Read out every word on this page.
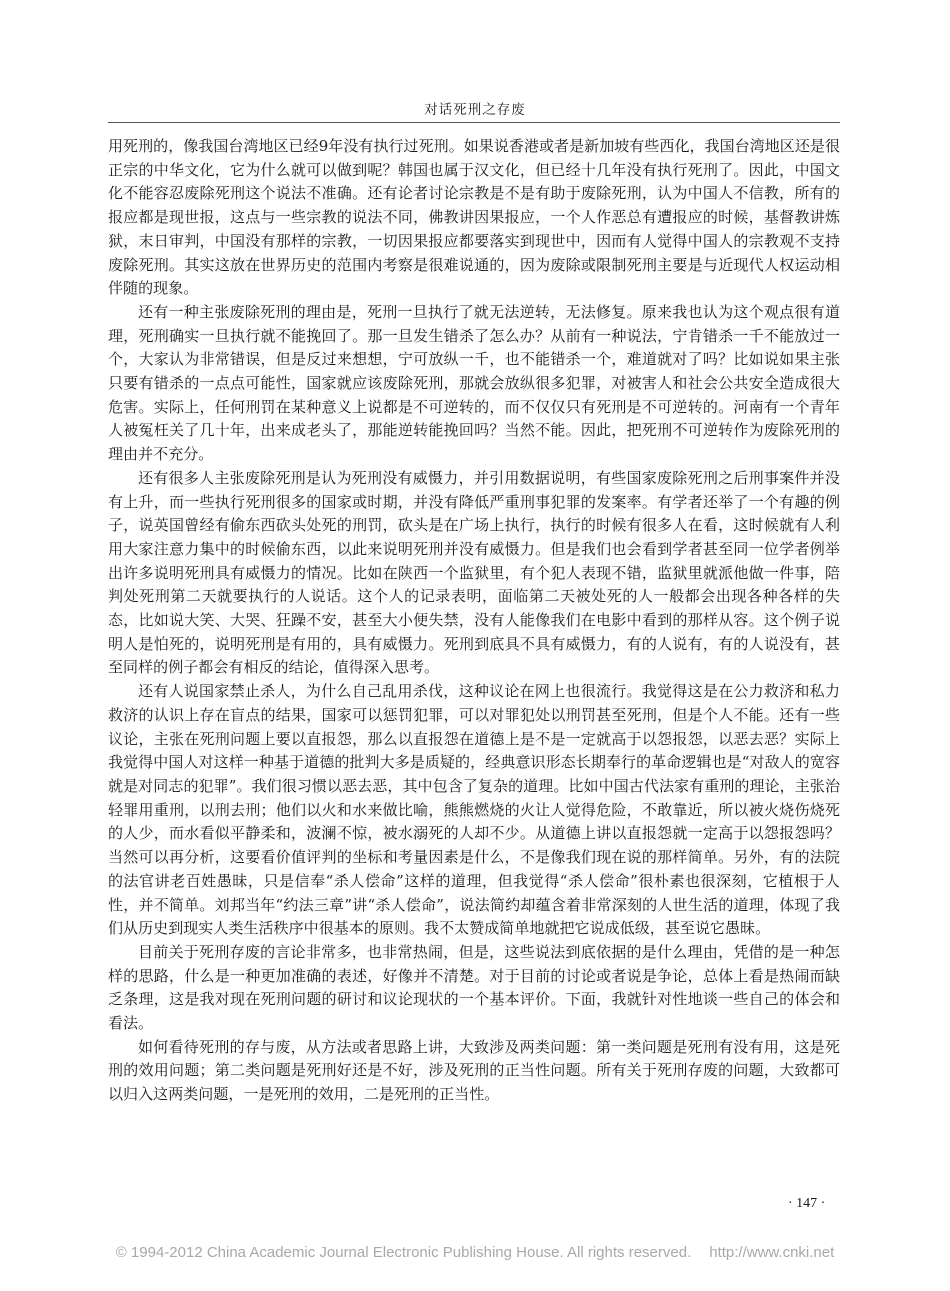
对话死刑之存废

用死刑的，像我国台湾地区已经9年没有执行过死刑。如果说香港或者是新加坡有些西化，我国台湾地区还是很正宗的中华文化，它为什么就可以做到呢？韩国也属于汉文化，但已经十几年没有执行死刑了。因此，中国文化不能容忍废除死刑这个说法不准确。还有论者讨论宗教是不是有助于废除死刑，认为中国人不信教，所有的报应都是现世报，这点与一些宗教的说法不同，佛教讲因果报应，一个人作恶总有遭报应的时候，基督教讲炼狱，末日审判，中国没有那样的宗教，一切因果报应都要落实到现世中，因而有人觉得中国人的宗教观不支持废除死刑。其实这放在世界历史的范围内考察是很难说通的，因为废除或限制死刑主要是与近现代人权运动相伴随的现象。

还有一种主张废除死刑的理由是，死刑一旦执行了就无法逆转，无法修复。原来我也认为这个观点很有道理，死刑确实一旦执行就不能挽回了。那一旦发生错杀了怎么办？从前有一种说法，宁肯错杀一千不能放过一个，大家认为非常错误，但是反过来想想，宁可放纵一千，也不能错杀一个，难道就对了吗？比如说如果主张只要有错杀的一点点可能性，国家就应该废除死刑，那就会放纵很多犯罪，对被害人和社会公共安全造成很大危害。实际上，任何刑罚在某种意义上说都是不可逆转的，而不仅仅只有死刑是不可逆转的。河南有一个青年人被冤枉关了几十年，出来成老头了，那能逆转能挽回吗？当然不能。因此，把死刑不可逆转作为废除死刑的理由并不充分。

还有很多人主张废除死刑是认为死刑没有威慑力，并引用数据说明，有些国家废除死刑之后刑事案件并没有上升，而一些执行死刑很多的国家或时期，并没有降低严重刑事犯罪的发案率。有学者还举了一个有趣的例子，说英国曾经有偷东西砍头处死的刑罚，砍头是在广场上执行，执行的时候有很多人在看，这时候就有人利用大家注意力集中的时候偷东西，以此来说明死刑并没有威慑力。但是我们也会看到学者甚至同一位学者例举出许多说明死刑具有威慑力的情况。比如在陕西一个监狱里，有个犯人表现不错，监狱里就派他做一件事，陪判处死刑第二天就要执行的人说话。这个人的记录表明，面临第二天被处死的人一般都会出现各种各样的失态，比如说大笑、大哭、狂躁不安，甚至大小便失禁，没有人能像我们在电影中看到的那样从容。这个例子说明人是怕死的，说明死刑是有用的，具有威慑力。死刑到底具不具有威慑力，有的人说有，有的人说没有，甚至同样的例子都会有相反的结论，值得深入思考。

还有人说国家禁止杀人，为什么自己乱用杀伐，这种议论在网上也很流行。我觉得这是在公力救济和私力救济的认识上存在盲点的结果，国家可以惩罚犯罪，可以对罪犯处以刑罚甚至死刑，但是个人不能。还有一些议论，主张在死刑问题上要以直报怨，那么以直报怨在道德上是不是一定就高于以怨报怨，以恶去恶？实际上我觉得中国人对这样一种基于道德的批判大多是质疑的，经典意识形态长期奉行的革命逻辑也是“对敌人的宽容就是对同志的犯罪”。我们很习惯以恶去恶，其中包含了复杂的道理。比如中国古代法家有重刑的理论，主张治轻罪用重刑，以刑去刑；他们以火和水来做比喻，熊熊燃烧的火让人觉得危险，不敢靠近，所以被火烧伤烧死的人少，而水看似平静柔和，波澜不惊，被水溺死的人却不少。从道德上讲以直报怨就一定高于以怨报怨吗？当然可以再分析，这要看价值评判的坐标和考量因素是什么，不是像我们现在说的那样简单。另外，有的法院的法官讲老百姓愚昧，只是信奉“杀人偿命”这样的道理，但我觉得“杀人偿命”很朴素也很深刻，它植根于人性，并不简单。刘邦当年“约法三章”讲“杀人偿命”，说法简约却蕴含着非常深刻的人世生活的道理，体现了我们从历史到现实人类生活秩序中很基本的原则。我不太赞成简单地就把它说成低级，甚至说它愚昧。

目前关于死刑存废的言论非常多，也非常热闹，但是，这些说法到底依据的是什么理由，凭借的是一种怎样的思路，什么是一种更加准确的表述，好像并不清楚。对于目前的讨论或者说是争论，总体上看是热闹而缺乏条理，这是我对现在死刑问题的研讨和议论现状的一个基本评价。下面，我就针对性地谈一些自己的体会和看法。

如何看待死刑的存与废，从方法或者思路上讲，大致涉及两类问题：第一类问题是死刑有没有用，这是死刑的效用问题；第二类问题是死刑好还是不好，涉及死刑的正当性问题。所有关于死刑存废的问题，大致都可以归入这两类问题，一是死刑的效用，二是死刑的正当性。

· 147 ·
© 1994-2012 China Academic Journal Electronic Publishing House. All rights reserved. http://www.cnki.net
